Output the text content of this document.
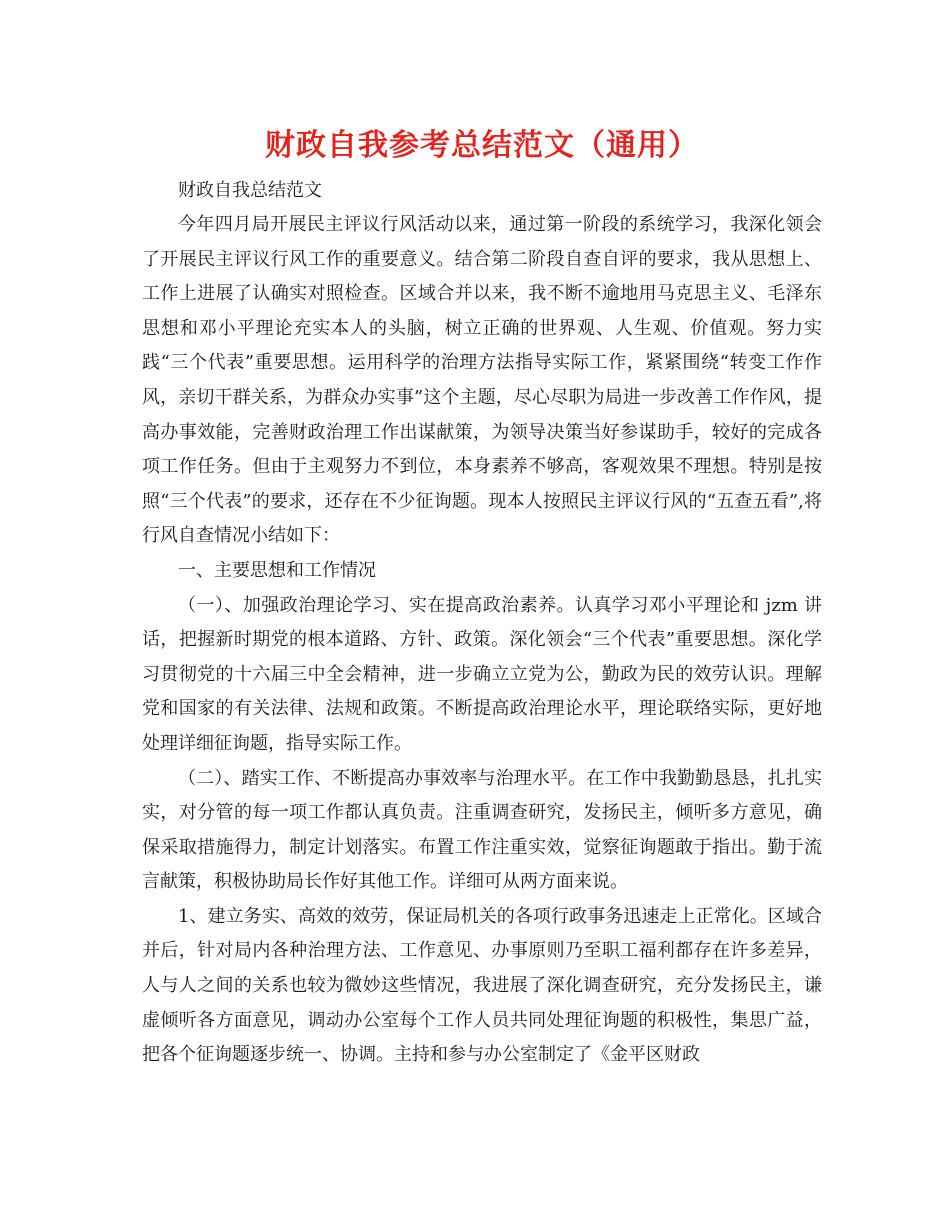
财政自我参考总结范文（通用）

财政自我总结范文

今年四月局开展民主评议行风活动以来，通过第一阶段的系统学习，我深化领会了开展民主评议行风工作的重要意义。结合第二阶段自查自评的要求，我从思想上、工作上进展了认确实对照检查。区域合并以来，我不断不逾地用马克思主义、毛泽东思想和邓小平理论充实本人的头脑，树立正确的世界观、人生观、价值观。努力实践“三个代表”重要思想。运用科学的治理方法指导实际工作，紧紧围绕“转变工作作风，亲切干群关系，为群众办实事”这个主题，尽心尽职为局进一步改善工作作风，提高办事效能，完善财政治理工作出谋献策，为领导决策当好参谋助手，较好的完成各项工作任务。但由于主观努力不到位，本身素养不够高，客观效果不理想。特别是按照“三个代表”的要求，还存在不少征询题。现本人按照民主评议行风的“五查五看”,将行风自查情况小结如下：

一、主要思想和工作情况

（一）、加强政治理论学习、实在提高政治素养。认真学习邓小平理论和 jzm 讲话，把握新时期党的根本道路、方针、政策。深化领会“三个代表”重要思想。深化学习贯彻党的十六届三中全会精神，进一步确立立党为公，勤政为民的效劳认识。理解党和国家的有关法律、法规和政策。不断提高政治理论水平，理论联络实际，更好地处理详细征询题，指导实际工作。

（二）、踏实工作、不断提高办事效率与治理水平。在工作中我勤勤恳恳，扎扎实实，对分管的每一项工作都认真负责。注重调查研究，发扬民主，倾听多方意见，确保采取措施得力，制定计划落实。布置工作注重实效，觉察征询题敢于指出。勤于流言献策，积极协助局长作好其他工作。详细可从两方面来说。

1、建立务实、高效的效劳，保证局机关的各项行政事务迅速走上正常化。区域合并后，针对局内各种治理方法、工作意见、办事原则乃至职工福利都存在许多差异，人与人之间的关系也较为微妙这些情况，我进展了深化调查研究，充分发扬民主，谦虚倾听各方面意见，调动办公室每个工作人员共同处理征询题的积极性，集思广益，把各个征询题逐步统一、协调。主持和参与办公室制定了《金平区财政
